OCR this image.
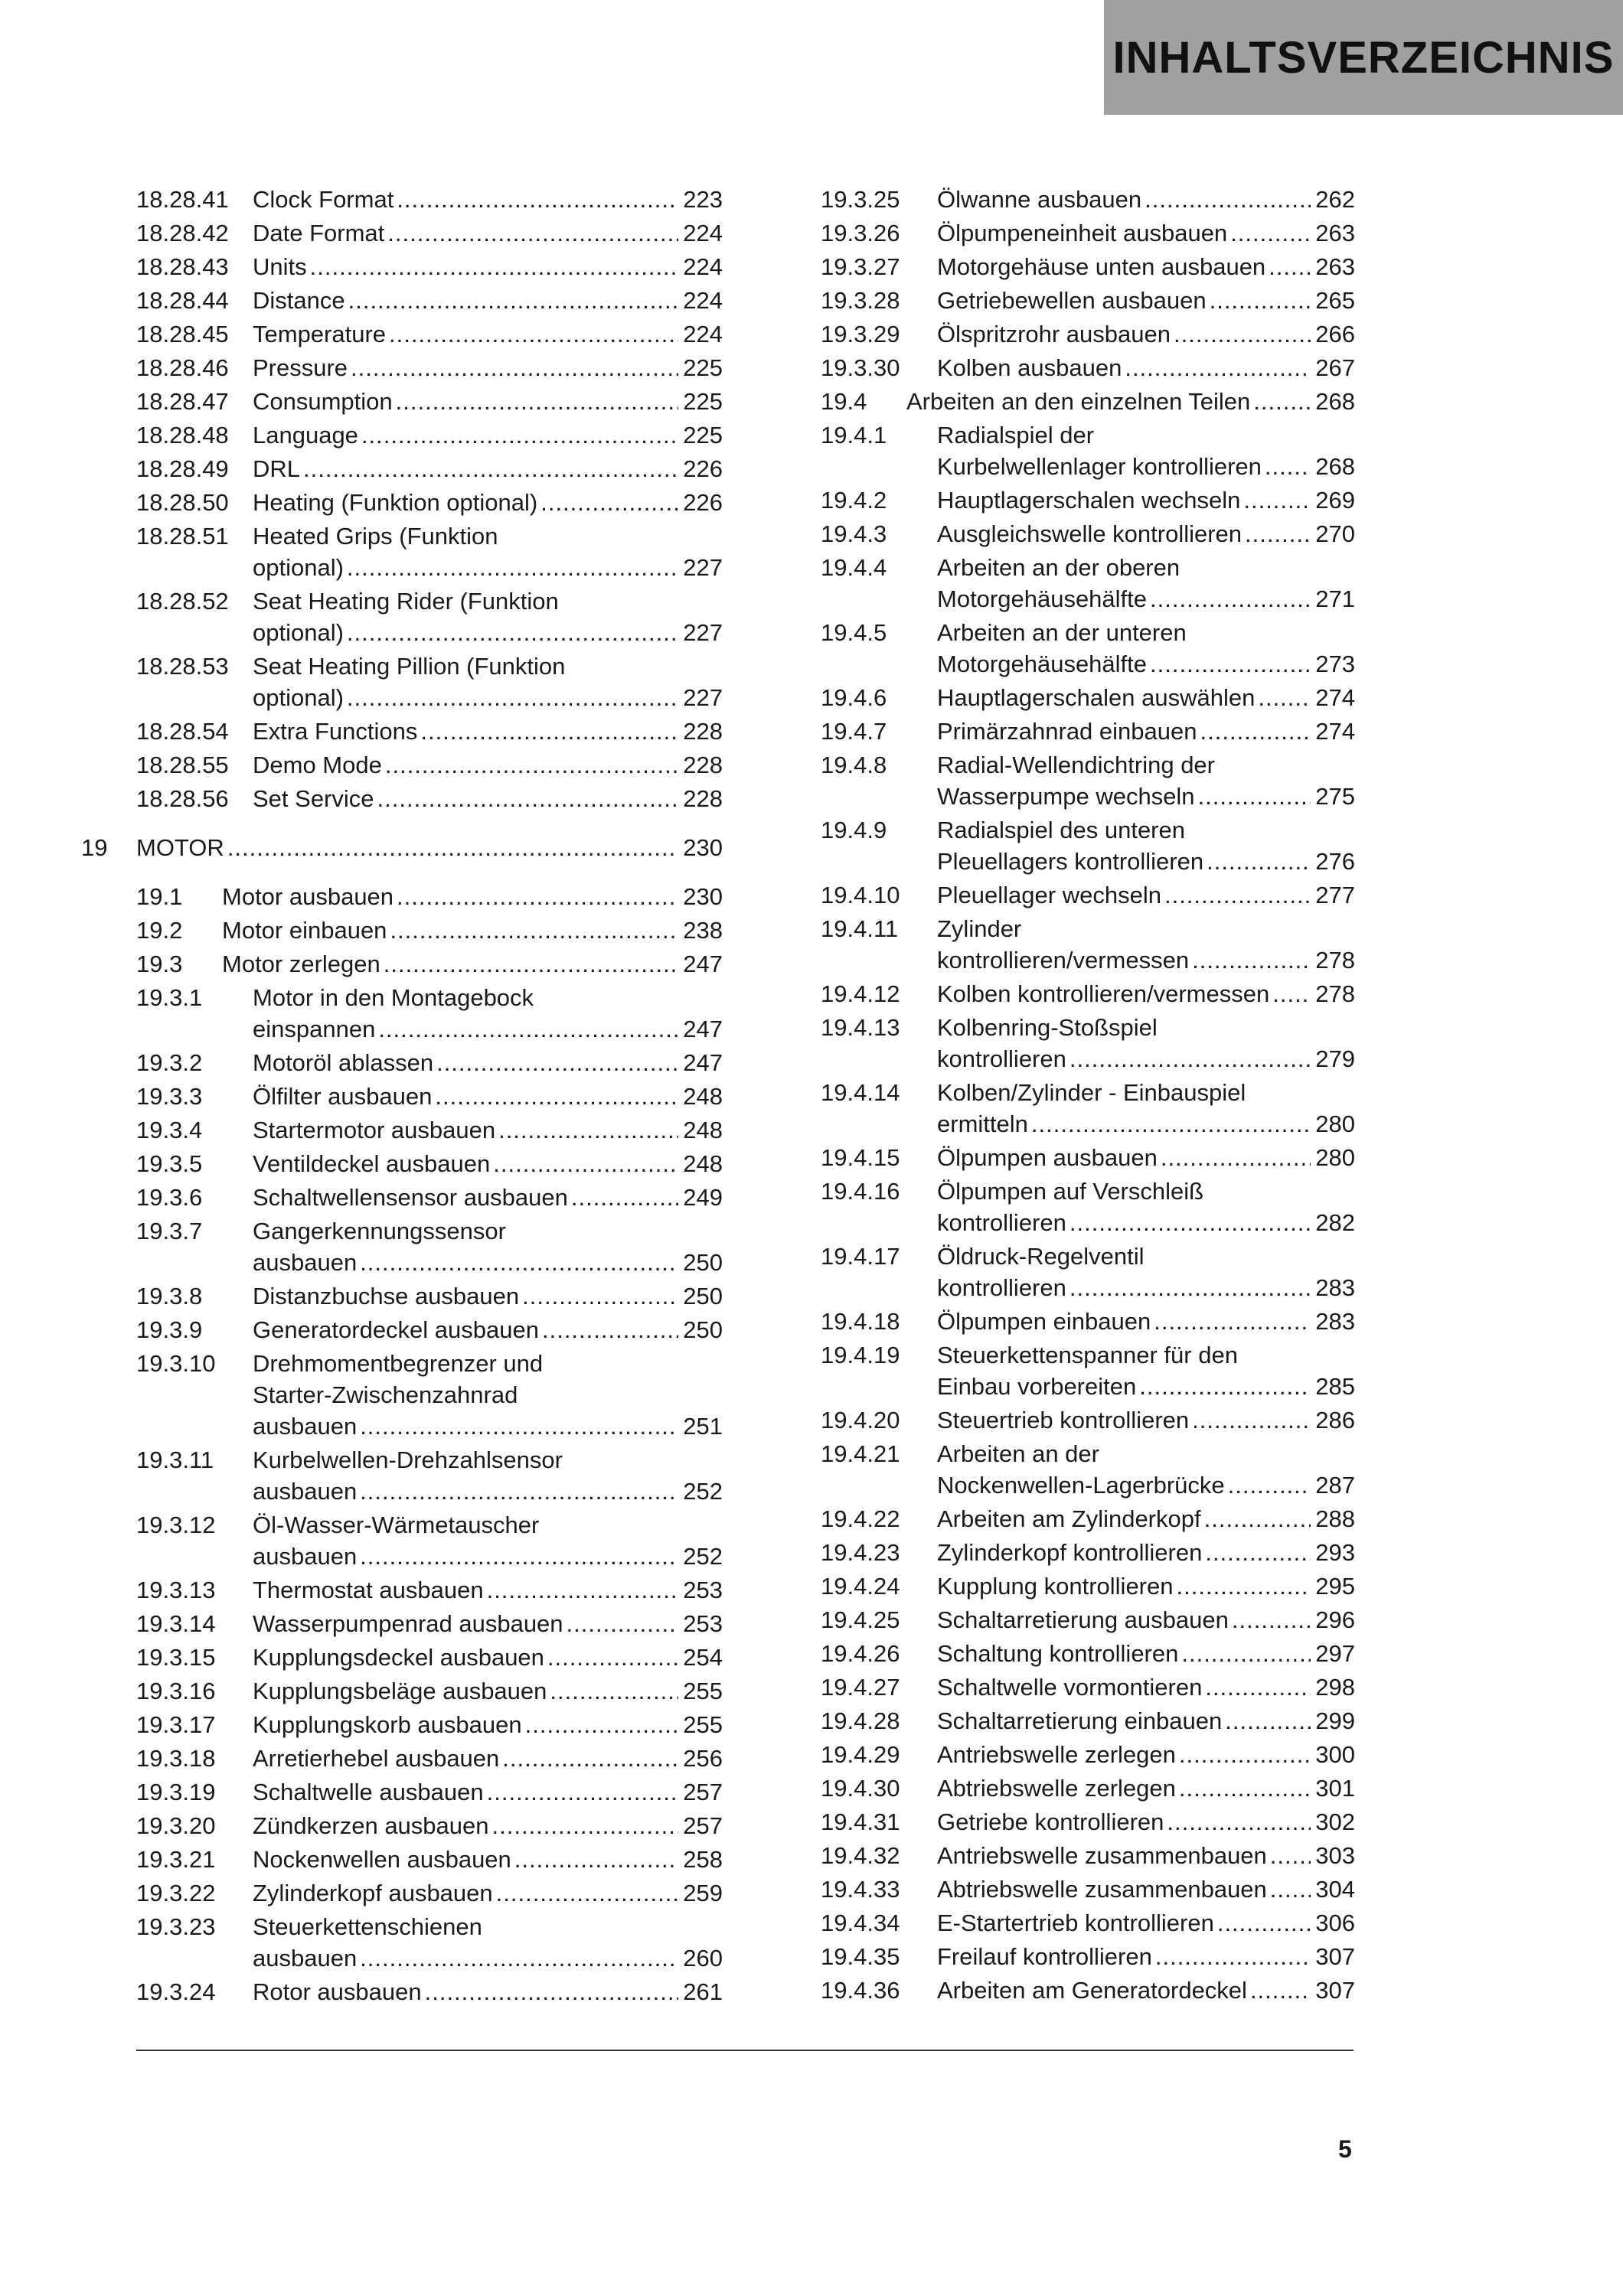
INHALTSVERZEICHNIS
18.28.41 Clock Format .....	223
18.28.42 Date Format .....	224
18.28.43 Units .....	224
18.28.44 Distance .....	224
18.28.45 Temperature .....	224
18.28.46 Pressure .....	225
18.28.47 Consumption .....	225
18.28.48 Language .....	225
18.28.49 DRL .....	226
18.28.50 Heating (Funktion optional) .....	226
18.28.51 Heated Grips (Funktion
optional) .....	227
18.28.52 Seat Heating Rider (Funktion
optional) .....	227
18.28.53 Seat Heating Pillion (Funktion
optional) .....	227
18.28.54 Extra Functions .....	228
18.28.55 Demo Mode .....	228
18.28.56 Set Service .....	228
19 MOTOR .....	230
19.1 Motor ausbauen .....	230
19.2 Motor einbauen .....	238
19.3 Motor zerlegen .....	247
19.3.1 Motor in den Montagebock
einspannen .....	247
19.3.2 Motoröl ablassen .....	247
19.3.3 Ölfilter ausbauen .....	248
19.3.4 Startermotor ausbauen .....	248
19.3.5 Ventildeckel ausbauen .....	248
19.3.6 Schaltwellensensor ausbauen .....	249
19.3.7 Gangerkennungssensor
ausbauen .....	250
19.3.8 Distanzbuchse ausbauen .....	250
19.3.9 Generatordeckel ausbauen .....	250
19.3.10 Drehmomentbegrenzer und
Starter-Zwischenzahnrad
ausbauen .....	251
19.3.11 Kurbelwellen-Drehzahlsensor
ausbauen .....	252
19.3.12 Öl-Wasser-Wärmetauscher
ausbauen .....	252
19.3.13 Thermostat ausbauen .....	253
19.3.14 Wasserpumpenrad ausbauen .....	253
19.3.15 Kupplungsdeckel ausbauen .....	254
19.3.16 Kupplungsbeläge ausbauen .....	255
19.3.17 Kupplungskorb ausbauen .....	255
19.3.18 Arretierhebel ausbauen .....	256
19.3.19 Schaltwelle ausbauen .....	257
19.3.20 Zündkerzen ausbauen .....	257
19.3.21 Nockenwellen ausbauen .....	258
19.3.22 Zylinderkopf ausbauen .....	259
19.3.23 Steuerkettenschienen
ausbauen .....	260
19.3.24 Rotor ausbauen .....	261
19.3.25 Ölwanne ausbauen .....	262
19.3.26 Ölpumpeneinheit ausbauen .....	263
19.3.27 Motorgehäuse unten ausbauen ..... 263
19.3.28 Getriebewellen ausbauen .....	265
19.3.29 Ölspritzrohr ausbauen .....	266
19.3.30 Kolben ausbauen .....	267
19.4 Arbeiten an den einzelnen Teilen .....	268
19.4.1 Radialspiel der
Kurbelwellenlager kontrollieren ..... 268
19.4.2 Hauptlagerschalen wechseln .....	269
19.4.3 Ausgleichswelle kontrollieren .....	270
19.4.4 Arbeiten an der oberen
Motorgehäusehälfte .....	271
19.4.5 Arbeiten an der unteren
Motorgehäusehälfte .....	273
19.4.6 Hauptlagerschalen auswählen .....	274
19.4.7 Primärzahnrad einbauen .....	274
19.4.8 Radial-Wellendichtring der
Wasserpumpe wechseln .....	275
19.4.9 Radialspiel des unteren
Pleuellagers kontrollieren .....	276
19.4.10 Pleuellager wechseln .....	277
19.4.11 Zylinder
kontrollieren/vermessen .....	278
19.4.12 Kolben kontrollieren/vermessen ..... 278
19.4.13 Kolbenring-Stoßspiel
kontrollieren .....	279
19.4.14 Kolben/Zylinder - Einbauspiel
ermitteln .....	280
19.4.15 Ölpumpen ausbauen .....	280
19.4.16 Ölpumpen auf Verschleiß
kontrollieren .....	282
19.4.17 Öldruck-Regelventil
kontrollieren .....	283
19.4.18 Ölpumpen einbauen .....	283
19.4.19 Steuerkettenspanner für den
Einbau vorbereiten .....	285
19.4.20 Steuertrieb kontrollieren .....	286
19.4.21 Arbeiten an der
Nockenwellen-Lagerbrücke .....	287
19.4.22 Arbeiten am Zylinderkopf .....	288
19.4.23 Zylinderkopf kontrollieren .....	293
19.4.24 Kupplung kontrollieren .....	295
19.4.25 Schaltarretierung ausbauen .....	296
19.4.26 Schaltung kontrollieren .....	297
19.4.27 Schaltwelle vormontieren .....	298
19.4.28 Schaltarretierung einbauen .....	299
19.4.29 Antriebswelle zerlegen .....	300
19.4.30 Abtriebswelle zerlegen .....	301
19.4.31 Getriebe kontrollieren .....	302
19.4.32 Antriebswelle zusammenbauen ..... 303
19.4.33 Abtriebswelle zusammenbauen ..... 304
19.4.34 E-Startertrieb kontrollieren .....	306
19.4.35 Freilauf kontrollieren .....	307
19.4.36 Arbeiten am Generatordeckel .....	307
5
